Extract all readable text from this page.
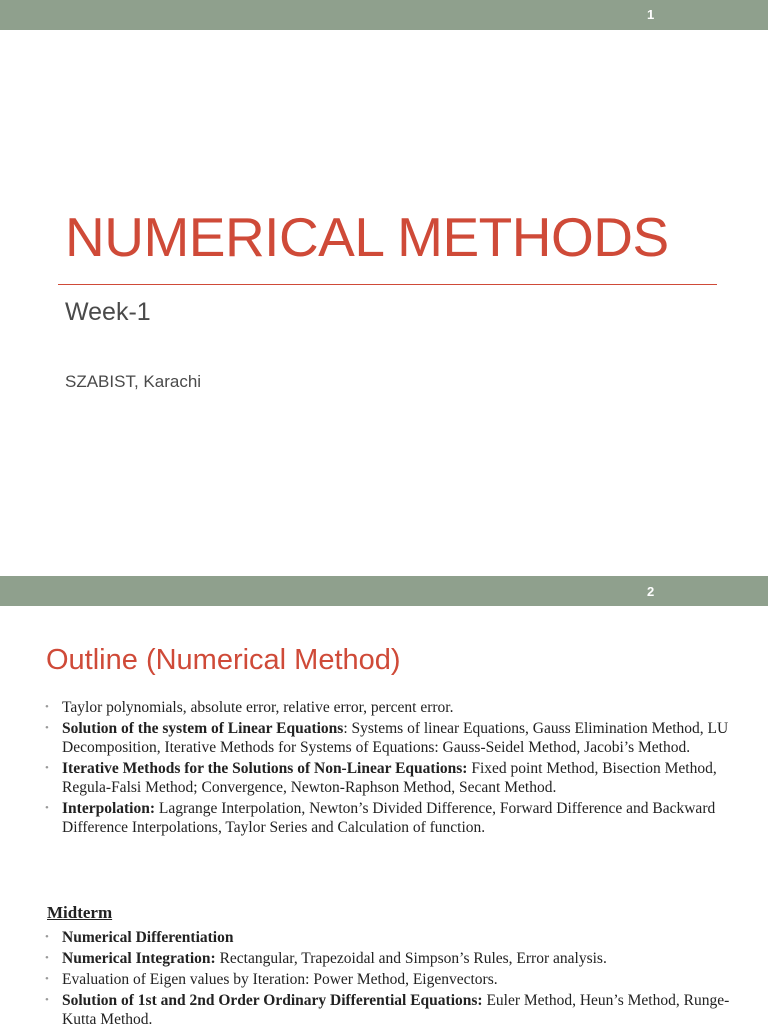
1
NUMERICAL METHODS
Week-1
SZABIST, Karachi
2
Outline (Numerical Method)
• Taylor polynomials, absolute error, relative error, percent error.
• Solution of the system of Linear Equations: Systems of linear Equations, Gauss Elimination Method, LU Decomposition, Iterative Methods for Systems of Equations: Gauss-Seidel Method, Jacobi’s Method.
• Iterative Methods for the Solutions of Non-Linear Equations: Fixed point Method, Bisection Method, Regula-Falsi Method; Convergence, Newton-Raphson Method, Secant Method.
• Interpolation: Lagrange Interpolation, Newton’s Divided Difference, Forward Difference and Backward Difference Interpolations, Taylor Series and Calculation of function.
Midterm
• Numerical Differentiation
• Numerical Integration: Rectangular, Trapezoidal and Simpson’s Rules, Error analysis.
• Evaluation of Eigen values by Iteration: Power Method, Eigenvectors.
• Solution of 1st and 2nd Order Ordinary Differential Equations: Euler Method, Heun’s Method, Runge-Kutta Method.
